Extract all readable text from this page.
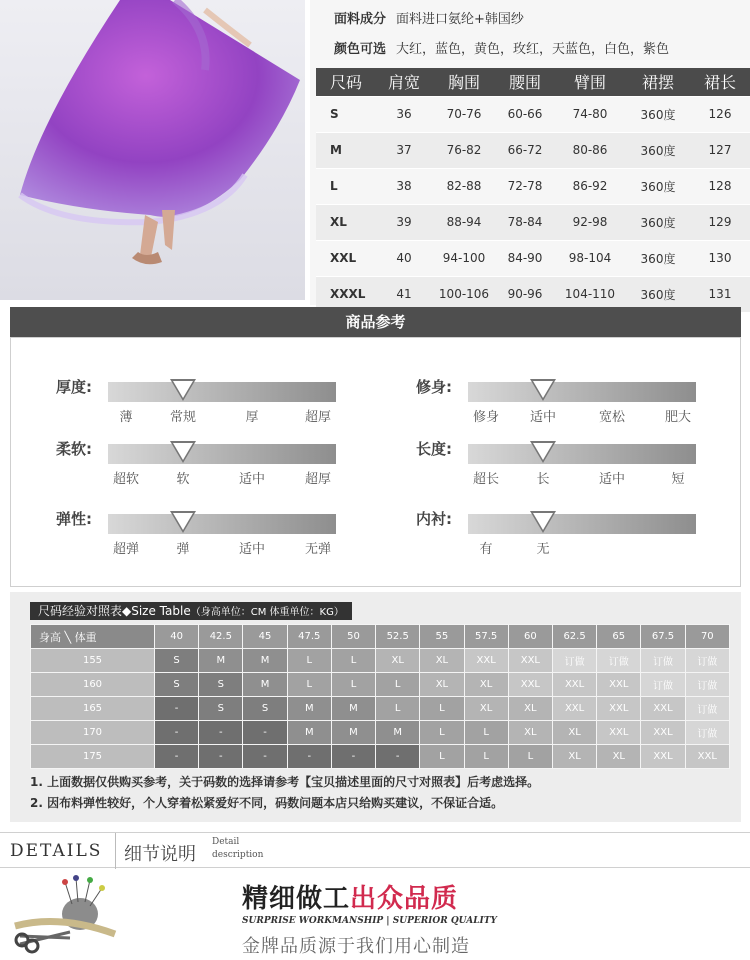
面料成分 面料进口氨纶+韩国纱
颜色可选 大红，蓝色，黄色，玫红，天蓝色，白色，紫色
尺码	肩宽	胸围	腰围	臂围	裙摆	裙长
S	36	70-76	60-66	74-80	360度	126
M	37	76-82	66-72	80-86	360度	127
L	38	82-88	72-78	86-92	360度	128
XL	39	88-94	78-84	92-98	360度	129
XXL	40	94-100	84-90	98-104	360度	130
XXXL	41	100-106	90-96	104-110	360度	131
商品参考
厚度:
薄	常规	厚	超厚
柔软:
超软	软	适中	超厚
弹性:
超弹	弹	适中	无弹
修身:
修身 适中	宽松	肥大
长度:
超长	长	适中	短
内衬:
有	无
尺码经验对照表◆Size Table（身高单位：CM 体重单位：KG）
身高 ╲ 体重	40	42.5	45	47.5	50	52.5	55	57.5	60	62.5	65	67.5	70
155	S	M	M	L	L	XL	XL	XXL	XXL	订做	订做	订做	订做
160	S	S	M	L	L	L	XL	XL	XXL	XXL	XXL	订做	订做
165	-	S	S	M	M	L	L	XL	XL	XXL	XXL	XXL	订做
170	-	-	-	M	M	M	L	L	XL	XL	XXL	XXL	订做
175	-	-	-	-	-	-	L	L	L	XL	XL	XXL	XXL
1. 上面数据仅供购买参考，关于码数的选择请参考【宝贝描述里面的尺寸对照表】后考虑选择。
2. 因布料弹性较好，个人穿着松紧爱好不同，码数问题本店只给购买建议，不保证合适。
DETAILS 细节说明
Detail
description
精细做工出众品质
SURPRISE WORKMANSHIP | SUPERIOR QUALITY
金牌品质源于我们用心制造
